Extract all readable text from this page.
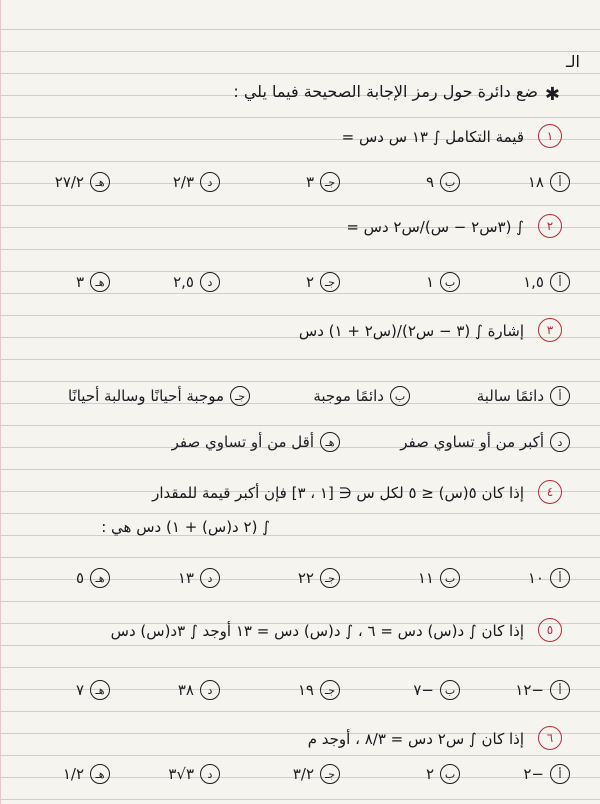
الـ
✱
ضع دائرة حول رمز الإجابة الصحيحة فيما يلي :
١
قيمة التكامل ∫ ١٣ س دس =
٢
∫ (٣س٢ − س)/س٢ دس =
٣
إشارة ∫ (٣ − س٢)/(س٢ + ١) دس
دائمًا سالبة	أ
دائمًا موجبة ب
موجبة أحيانًا وسالبة أحيانًا جـ
أكبر من أو تساوي صفر	د
أقل من أو تساوي صفر	هـ
٤
إذا كان ٥(س) ≤ ٥ لكل س ∈ [١ ، ٣] فإن أكبر قيمة للمقدار
∫ (٢ د(س) + ١) دس هي :
٥
إذا كان ∫ د(س) دس = ٦ ، ∫ د(س) دس = ١٣ أوجد ∫ ٣د(س) دس
٦
إذا كان ∫ س٢ دس = ٨/٣ ، أوجد م
١٨	أ
٩ ب
٣ جـ
٢/٣	د
٢٧/٢	هـ
١,٥	أ
١ ب
٢ جـ
٢,٥	د
٣	هـ
١٠	أ
١١ ب
٢٢ جـ
١٣	د
٥	هـ
−١٢	أ
−٧ ب
١٩ جـ
٣٨	د
٧	هـ
−٢	أ
٢ ب
٣/٢ جـ
٣√٣	د
١/٢	هـ
